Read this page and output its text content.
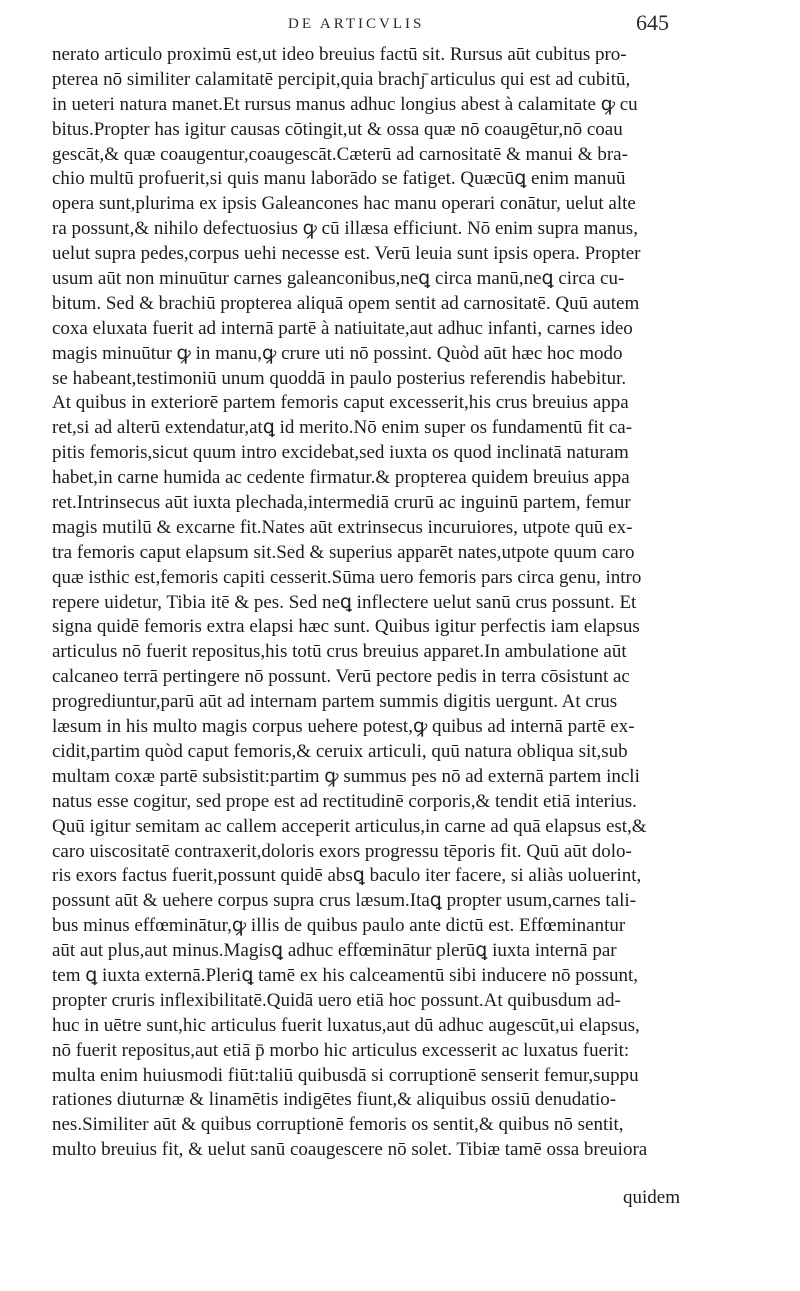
DE ARTICVLIS	645
nerato articulo proximū est,ut ideo breuius factū sit. Rursus aūt cubitus pro-
pterea nō similiter calamitatē percipit,quia brachȷ̄ articulus qui est ad cubitū,
in ueteri natura manet.Et rursus manus adhuc longius abest à calamitate ꝙ cu
bitus.Propter has igitur causas cōtingit,ut & ossa quæ nō coaugētur,nō coau
gescāt,& quæ coaugentur,coaugescāt.Cæterū ad carnositatē & manui & bra-
chio multū profuerit,si quis manu laborādo se fatiget. Quæcūꝗ enim manuū
opera sunt,plurima ex ipsis Galeancones hac manu operari conātur, uelut alte
ra possunt,& nihilo defectuosius ꝙ cū illæsa efficiunt. Nō enim supra manus,
uelut supra pedes,corpus uehi necesse est. Verū leuia sunt ipsis opera. Propter
usum aūt non minuūtur carnes galeanconibus,neꝗ circa manū,neꝗ circa cu-
bitum. Sed & brachiū propterea aliquā opem sentit ad carnositatē. Quū autem
coxa eluxata fuerit ad internā partē à natiuitate,aut adhuc infanti, carnes ideo
magis minuūtur ꝙ in manu,ꝙ crure uti nō possint. Quòd aūt hæc hoc modo
se habeant,testimoniū unum quoddā in paulo posterius referendis habebitur.
At quibus in exteriorē partem femoris caput excesserit,his crus breuius appa
ret,si ad alterū extendatur,atꝗ id merito.Nō enim super os fundamentū fit ca-
pitis femoris,sicut quum intro excidebat,sed iuxta os quod inclinatā naturam
habet,in carne humida ac cedente firmatur.& propterea quidem breuius appa
ret.Intrinsecus aūt iuxta plechada,intermediā crurū ac inguinū partem, femur
magis mutilū & excarne fit.Nates aūt extrinsecus incuruiores, utpote quū ex-
tra femoris caput elapsum sit.Sed & superius apparēt nates,utpote quum caro
quæ isthic est,femoris capiti cesserit.Sūma uero femoris pars circa genu, intro
repere uidetur, Tibia itē & pes. Sed neꝗ inflectere uelut sanū crus possunt. Et
signa quidē femoris extra elapsi hæc sunt. Quibus igitur perfectis iam elapsus
articulus nō fuerit repositus,his totū crus breuius apparet.In ambulatione aūt
calcaneo terrā pertingere nō possunt. Verū pectore pedis in terra cōsistunt ac
progrediuntur,parū aūt ad internam partem summis digitis uergunt. At crus
læsum in his multo magis corpus uehere potest,ꝙ quibus ad internā partē ex-
cidit,partim quòd caput femoris,& ceruix articuli, quū natura obliqua sit,sub
multam coxæ partē subsistit:partim ꝙ summus pes nō ad externā partem incli
natus esse cogitur, sed prope est ad rectitudinē corporis,& tendit etiā interius.
Quū igitur semitam ac callem acceperit articulus,in carne ad quā elapsus est,&
caro uiscositatē contraxerit,doloris exors progressu tēporis fit. Quū aūt dolo-
ris exors factus fuerit,possunt quidē absꝗ baculo iter facere, si aliàs uoluerint,
possunt aūt & uehere corpus supra crus læsum.Itaꝗ propter usum,carnes tali-
bus minus effœminātur,ꝙ illis de quibus paulo ante dictū est. Effœminantur
aūt aut plus,aut minus.Magisꝗ adhuc effœminātur plerūꝗ iuxta internā par
tem ꝗ iuxta externā.Pleriꝗ tamē ex his calceamentū sibi inducere nō possunt,
propter cruris inflexibilitatē.Quidā uero etiā hoc possunt.At quibusdum ad-
huc in uētre sunt,hic articulus fuerit luxatus,aut dū adhuc augescūt,ui elapsus,
nō fuerit repositus,aut etiā p̄ morbo hic articulus excesserit ac luxatus fuerit:
multa enim huiusmodi fiūt:taliū quibusdā si corruptionē senserit femur,suppu
rationes diuturnæ & linamētis indigētes fiunt,& aliquibus ossiū denudatio-
nes.Similiter aūt & quibus corruptionē femoris os sentit,& quibus nō sentit,
multo breuius fit, & uelut sanū coaugescere nō solet. Tibiæ tamē ossa breuiora
quidem
